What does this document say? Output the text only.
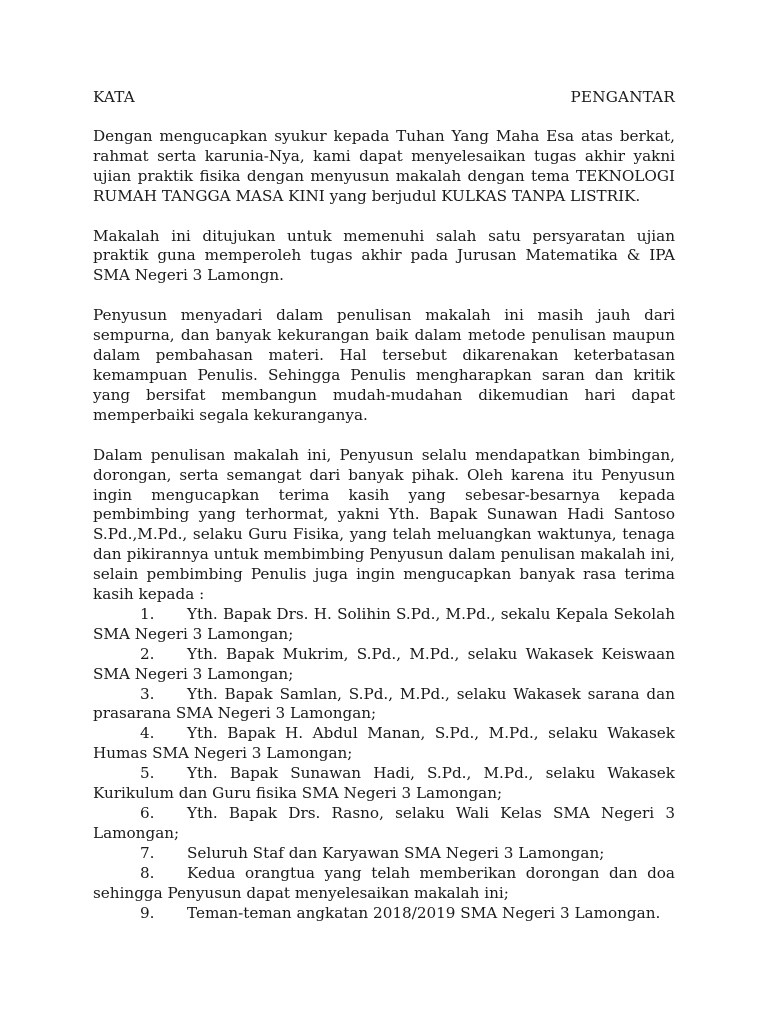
KATA	PENGANTAR

Dengan mengucapkan syukur kepada Tuhan Yang Maha Esa atas berkat, rahmat serta karunia-Nya, kami dapat menyelesaikan tugas akhir yakni ujian praktik fisika dengan menyusun makalah dengan tema TEKNOLOGI RUMAH TANGGA MASA KINI yang berjudul KULKAS TANPA LISTRIK.

Makalah ini ditujukan untuk memenuhi salah satu persyaratan ujian praktik guna memperoleh tugas akhir pada Jurusan Matematika & IPA SMA Negeri 3 Lamongn.

Penyusun menyadari dalam penulisan makalah ini masih jauh dari sempurna, dan banyak kekurangan baik dalam metode penulisan maupun dalam pembahasan materi. Hal tersebut dikarenakan keterbatasan kemampuan Penulis. Sehingga Penulis mengharapkan saran dan kritik yang bersifat membangun mudah-mudahan dikemudian hari dapat memperbaiki segala kekuranganya.

Dalam penulisan makalah ini, Penyusun selalu mendapatkan bimbingan, dorongan, serta semangat dari banyak pihak. Oleh karena itu Penyusun ingin mengucapkan terima kasih yang sebesar-besarnya kepada pembimbing yang terhormat, yakni Yth. Bapak Sunawan Hadi Santoso S.Pd.,M.Pd., selaku Guru Fisika, yang telah meluangkan waktunya, tenaga dan pikirannya untuk membimbing Penyusun dalam penulisan makalah ini, selain pembimbing Penulis juga ingin mengucapkan banyak rasa terima kasih kepada :

1. Yth. Bapak Drs. H. Solihin S.Pd., M.Pd., sekalu Kepala Sekolah SMA Negeri 3 Lamongan;
2. Yth. Bapak Mukrim, S.Pd., M.Pd., selaku Wakasek Keiswaan SMA Negeri 3 Lamongan;
3. Yth. Bapak Samlan, S.Pd., M.Pd., selaku Wakasek sarana dan prasarana SMA Negeri 3 Lamongan;
4. Yth. Bapak H. Abdul Manan, S.Pd., M.Pd., selaku Wakasek Humas SMA Negeri 3 Lamongan;
5. Yth. Bapak Sunawan Hadi, S.Pd., M.Pd., selaku Wakasek Kurikulum dan Guru fisika SMA Negeri 3 Lamongan;
6. Yth. Bapak Drs. Rasno, selaku Wali Kelas SMA Negeri 3 Lamongan;
7. Seluruh Staf dan Karyawan SMA Negeri 3 Lamongan;
8. Kedua orangtua yang telah memberikan dorongan dan doa sehingga Penyusun dapat menyelesaikan makalah ini;
9. Teman-teman angkatan 2018/2019 SMA Negeri 3 Lamongan.
